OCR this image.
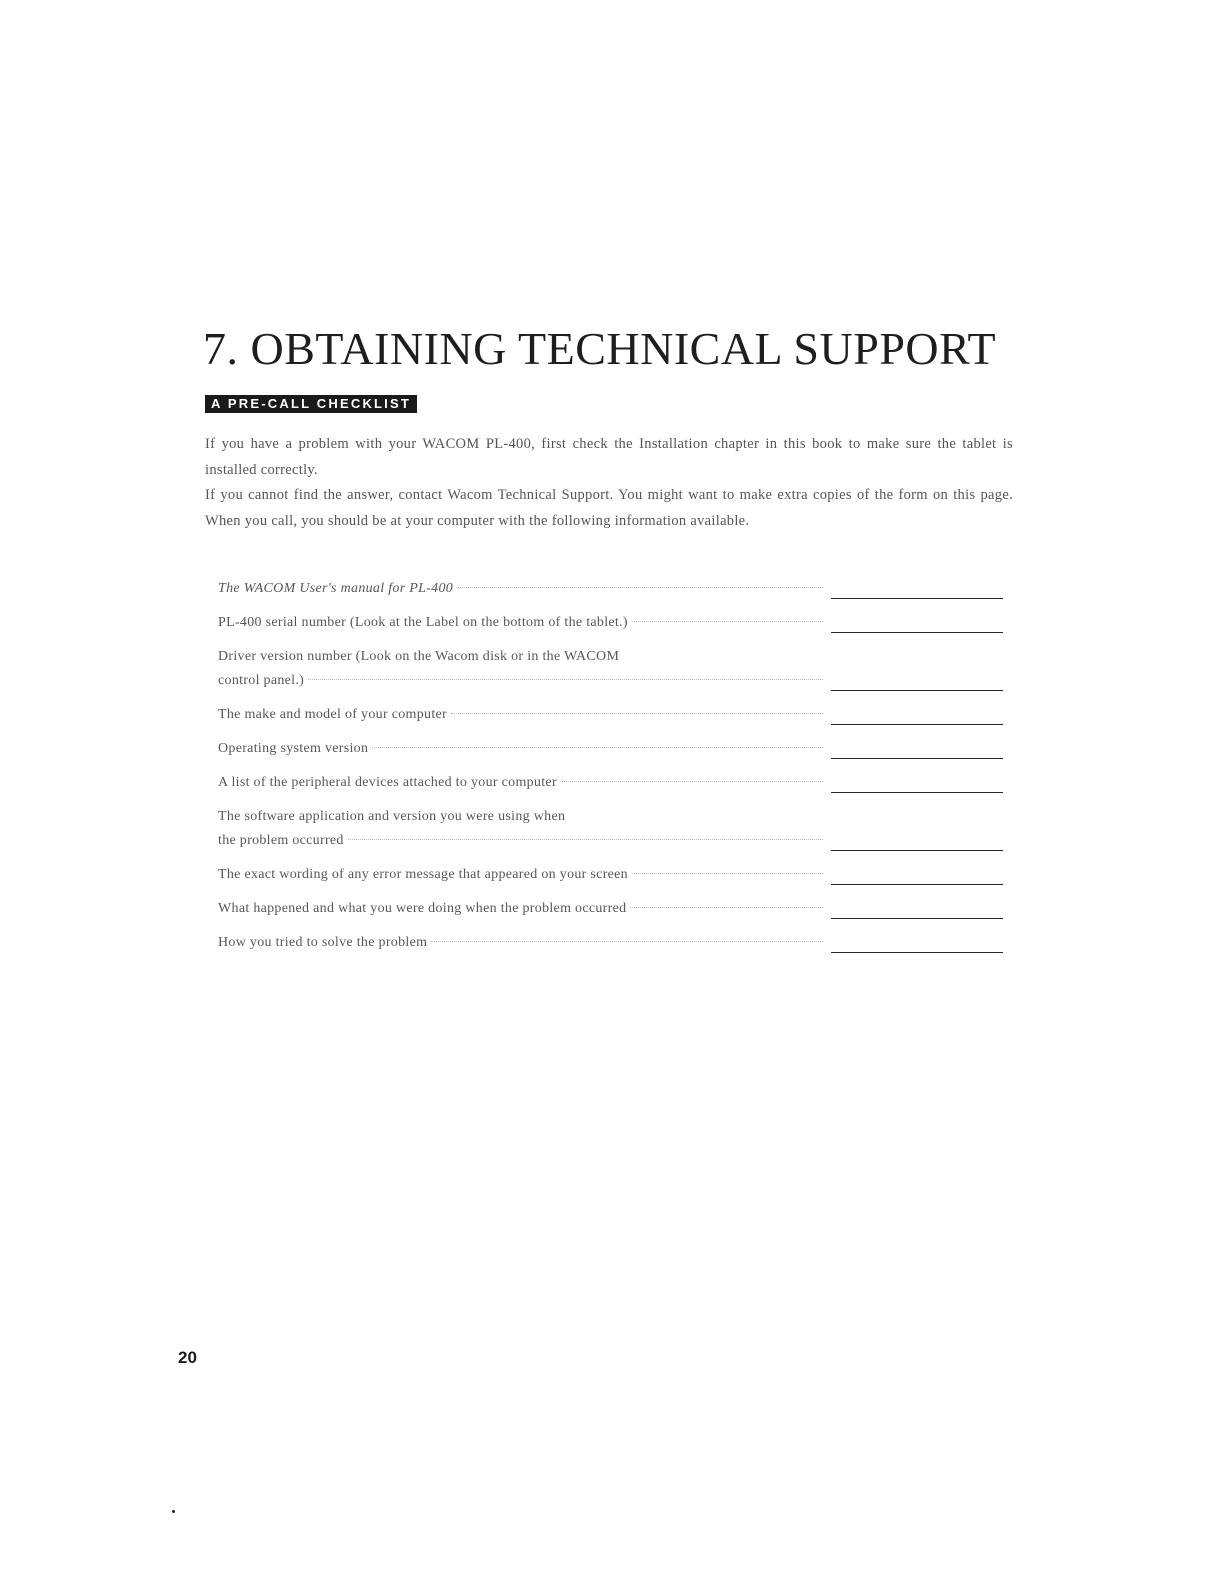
7. OBTAINING TECHNICAL SUPPORT
A PRE-CALL CHECKLIST

If you have a problem with your WACOM PL-400, first check the Installation chapter in this book to make sure the tablet is installed correctly.

If you cannot find the answer, contact Wacom Technical Support. You might want to make extra copies of the form on this page. When you call, you should be at your computer with the following information available.

The WACOM User's manual for PL-400
PL-400 serial number (Look at the Label on the bottom of the tablet.)
Driver version number (Look on the Wacom disk or in the WACOM
control panel.)
The make and model of your computer
Operating system version
A list of the peripheral devices attached to your computer
The software application and version you were using when
the problem occurred
The exact wording of any error message that appeared on your screen
What happened and what you were doing when the problem occurred
How you tried to solve the problem
20
